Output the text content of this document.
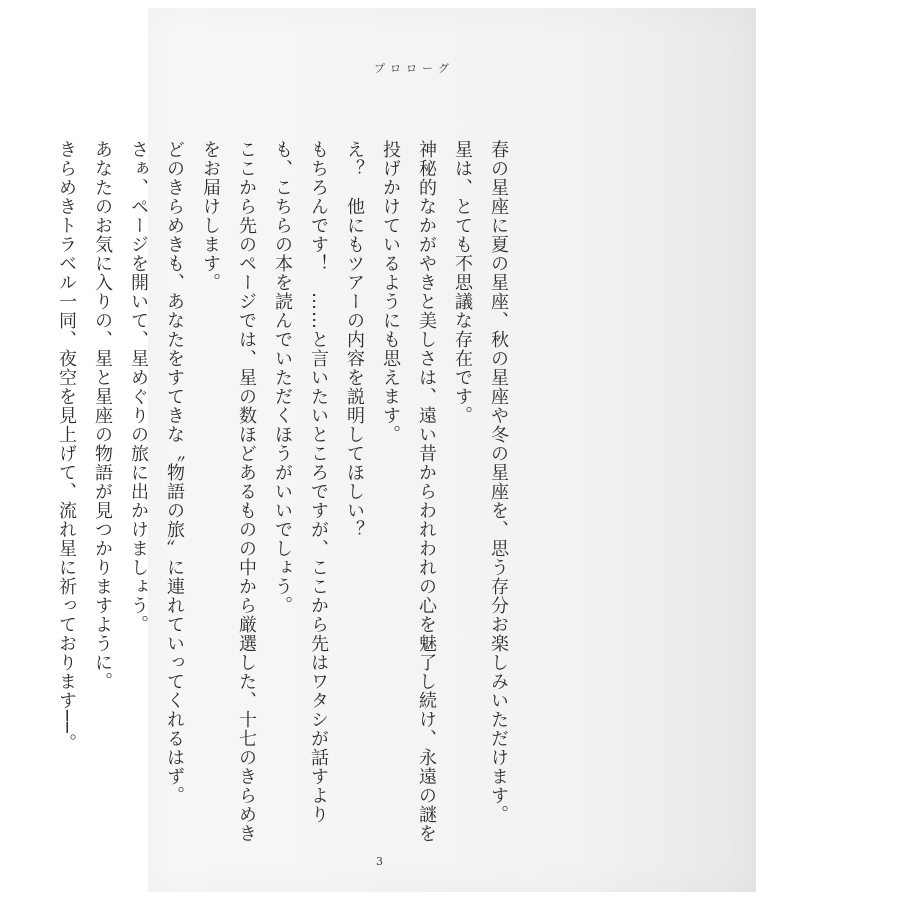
プロローグ

春の星座に夏の星座、秋の星座や冬の星座を、思う存分お楽しみいただけます。

星は、とても不思議な存在です。

神秘的なかがやきと美しさは、遠い昔からわれわれの心を魅了し続け、永遠の謎を投げかけているようにも思えます。

え？　他にもツアーの内容を説明してほしい？

もちろんです！　……と言いたいところですが、ここから先はワタシが話すよりも、こちらの本を読んでいただくほうがいいでしょう。

ここから先のページでは、星の数ほどあるものの中から厳選した、十七のきらめきをお届けします。

どのきらめきも、あなたをすてきな〝物語の旅〟に連れていってくれるはず。

さぁ、ページを開いて、星めぐりの旅に出かけましょう。

あなたのお気に入りの、星と星座の物語が見つかりますように。

きらめきトラベル一同、夜空を見上げて、流れ星に祈っております──。

3
